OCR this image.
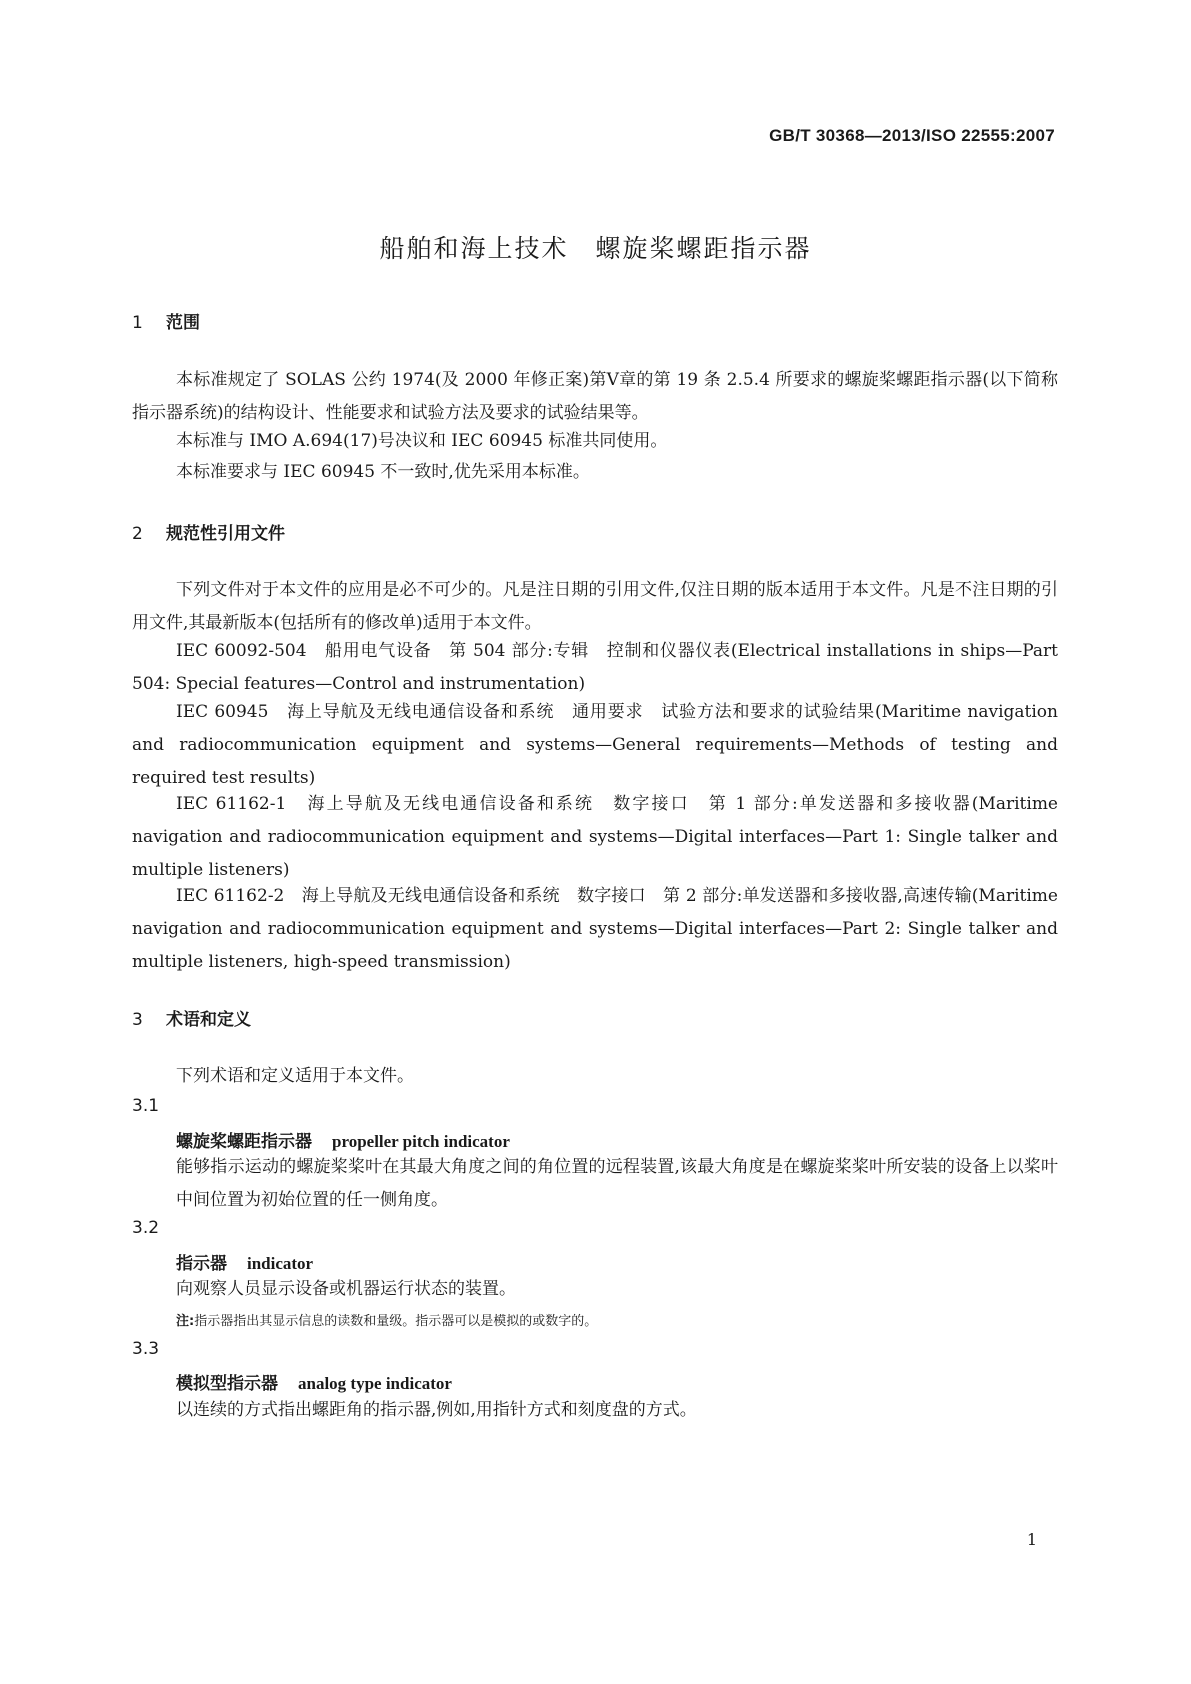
GB/T 30368—2013/ISO 22555:2007
船舶和海上技术　螺旋桨螺距指示器
1 范围
本标准规定了 SOLAS 公约 1974(及 2000 年修正案)第Ⅴ章的第 19 条 2.5.4 所要求的螺旋桨螺距指示器(以下简称指示器系统)的结构设计、性能要求和试验方法及要求的试验结果等。
本标准与 IMO A.694(17)号决议和 IEC 60945 标准共同使用。
本标准要求与 IEC 60945 不一致时,优先采用本标准。
2 规范性引用文件
下列文件对于本文件的应用是必不可少的。凡是注日期的引用文件,仅注日期的版本适用于本文件。凡是不注日期的引用文件,其最新版本(包括所有的修改单)适用于本文件。
IEC 60092-504　船用电气设备　第 504 部分:专辑　控制和仪器仪表(Electrical installations in ships—Part 504: Special features—Control and instrumentation)
IEC 60945　海上导航及无线电通信设备和系统　通用要求　试验方法和要求的试验结果(Maritime navigation and radiocommunication equipment and systems—General requirements—Methods of testing and required test results)
IEC 61162-1　海上导航及无线电通信设备和系统　数字接口　第 1 部分:单发送器和多接收器(Maritime navigation and radiocommunication equipment and systems—Digital interfaces—Part 1: Single talker and multiple listeners)
IEC 61162-2　海上导航及无线电通信设备和系统　数字接口　第 2 部分:单发送器和多接收器,高速传输(Maritime navigation and radiocommunication equipment and systems—Digital interfaces—Part 2: Single talker and multiple listeners, high-speed transmission)
3 术语和定义
下列术语和定义适用于本文件。
3.1
螺旋桨螺距指示器 propeller pitch indicator
能够指示运动的螺旋桨桨叶在其最大角度之间的角位置的远程装置,该最大角度是在螺旋桨桨叶所安装的设备上以桨叶中间位置为初始位置的任一侧角度。
3.2
指示器 indicator
向观察人员显示设备或机器运行状态的装置。
注:指示器指出其显示信息的读数和量级。指示器可以是模拟的或数字的。
3.3
模拟型指示器 analog type indicator
以连续的方式指出螺距角的指示器,例如,用指针方式和刻度盘的方式。
1
